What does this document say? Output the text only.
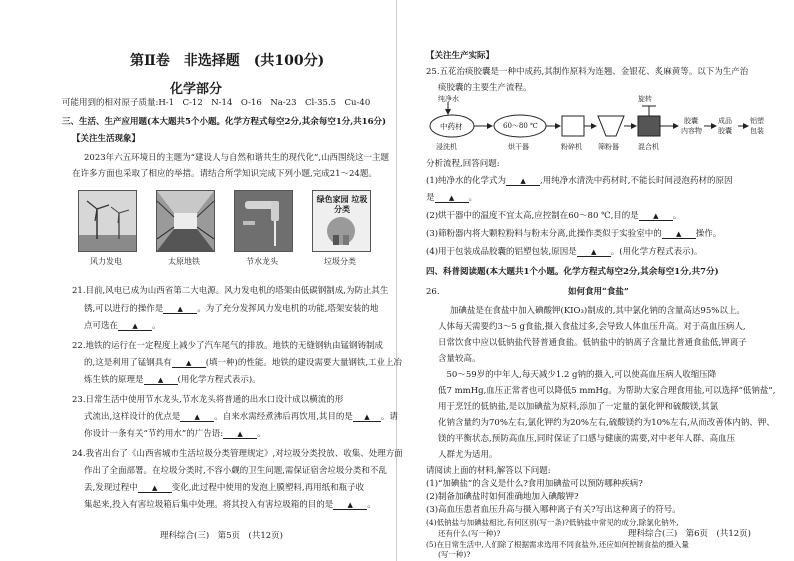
第Ⅱ卷　非选择题　(共100分)
化学部分
可能用到的相对原子质量:H-1　C-12　N-14　O-16　Na-23　Cl-35.5　Cu-40
三、生活、生产应用题(本大题共5个小题。化学方程式每空2分,其余每空1分,共16分)
【关注生活现象】
2023年六五环境日的主题为“建设人与自然和谐共生的现代化”,山西围绕这一主题
在许多方面也采取了相应的举措。请结合所学知识完成下列小题,完成21～24题。
绿色家园 垃圾分类
风力发电	太原地铁	节水龙头	垃圾分类
21.目前,风电已成为山西省第二大电源。风力发电机的塔架由低碳钢制成,为防止其生
锈,可以进行的操作是	▲	。为了充分发挥风力发电机的功能,塔架安装的地
点可选在	▲	。
22.地铁的运行在一定程度上减少了汽车尾气的排放。地铁的无缝钢轨由锰钢铸制成
的,这是利用了锰钢具有	▲	(填一种)的性能。地铁的建设需要大量钢铁,工业上冶
炼生铁的原理是	▲	(用化学方程式表示)。
23.日常生活中使用节水龙头,节水龙头将普通的出水口设计成以横流的形
式流出,这样设计的优点是	▲	。自来水需经煮沸后再饮用,其目的是	▲	。请
你设计一条有关“节约用水”的广告语:	▲	。
24.我省出台了《山西省城市生活垃圾分类管理规定》,对垃圾分类投放、收集、处理方面
作出了全面部署。在垃圾分类时,不容小觑的卫生问题,需保证宿舍垃圾分类和不乱
丢,发现过程中	▲	变化,此过程中使用的发泡上膜塑料,再用纸和瓶子收
集起来,投入有害垃圾箱后集中处理。将其投入有害垃圾箱的目的是	▲	。
理科综合(三)　第5页　(共12页)
【关注生产实际】
25.五花治痰胶囊是一种中成药,其制作原料为连翘、金银花、炙麻黄等。以下为生产治
痰胶囊的主要生产流程。
纯净水
中药材	60～80 ℃
旋转
胶囊
内容物
成品
胶囊
铝塑
包装
浸洗机	烘干器	粉碎机 筛粉器	混合机
分析流程,回答问题:
(1)纯净水的化学式为	▲	,用纯净水清洗中药材时,不能长时间浸泡药材的原因
是	▲	。
(2)烘干器中的温度不宜太高,应控制在60～80 ℃,目的是	▲	。
(3)筛粉器内将大颗粒粉料与粉末分离,此操作类似于实验室中的	▲	操作。
(4)用于包装成品胶囊的铝塑包装,原因是	▲	。(用化学方程式表示)。
四、科普阅读题(本大题共1个小题。化学方程式每空2分,其余每空1分,共7分)
26.	如何食用“食盐”
加碘盐是在食盐中加入碘酸钾(KIO₃)制成的,其中氯化钠的含量高达95%以上。
人体每天需要约3～5 g食盐,摄入食盐过多,会导致人体血压升高。对于高血压病人,
日常饮食中应以低钠盐代替普通食盐。低钠盐中的钠离子含量比普通食盐低,钾离子
含量较高。
　50～59岁的中年人,每天减少1.2 g钠的摄入,可以使高血压病人收缩压降
低7 mmHg,血压正常者也可以降低5 mmHg。为帮助大家合理食用盐,可以选择“低钠盐”,
用于烹饪的低钠盐,是以加碘盐为原料,添加了一定量的氯化钾和硫酸镁,其氯
化钠含量约为70%左右,氯化钾约为20%左右,硫酸镁约为10%左右,从而改善体内钠、钾、
镁的平衡状态,预防高血压,同时保证了口感与健康的需要,对中老年人群、高血压
人群尤为适用。
请阅读上面的材料,解答以下问题:
(1)“加碘盐”的含义是什么?食用加碘盐可以预防哪种疾病?
(2)制备加碘盐时如何准确地加入碘酸钾?
(3)高血压患者血压升高与摄入哪种离子有关?写出这种离子的符号。
(4)低钠盐与加碘盐相比,有何区别(写一条)?低钠盐中常见的成分,除氯化钠外,
还有什么(写一种)?
(5)在日常生活中,人们除了根据需求选用不同食盐外,还应如何控制食盐的摄入量
(写一种)?
理科综合(三)　第6页　(共12页)
